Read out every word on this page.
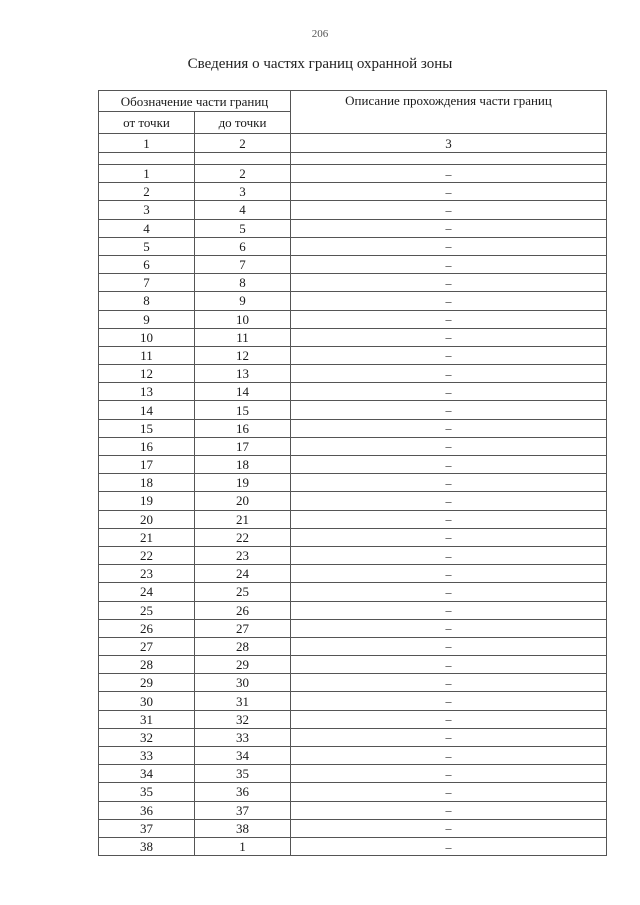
206
Сведения о частях границ охранной зоны
Обозначение части границ		Описание прохождения части границ
от точки	до точки	
1	2	3

1	2	–
2	3	–
3	4	–
4	5	–
5	6	–
6	7	–
7	8	–
8	9	–
9	10	–
10	11	–
11	12	–
12	13	–
13	14	–
14	15	–
15	16	–
16	17	–
17	18	–
18	19	–
19	20	–
20	21	–
21	22	–
22	23	–
23	24	–
24	25	–
25	26	–
26	27	–
27	28	–
28	29	–
29	30	–
30	31	–
31	32	–
32	33	–
33	34	–
34	35	–
35	36	–
36	37	–
37	38	–
38	1	–
